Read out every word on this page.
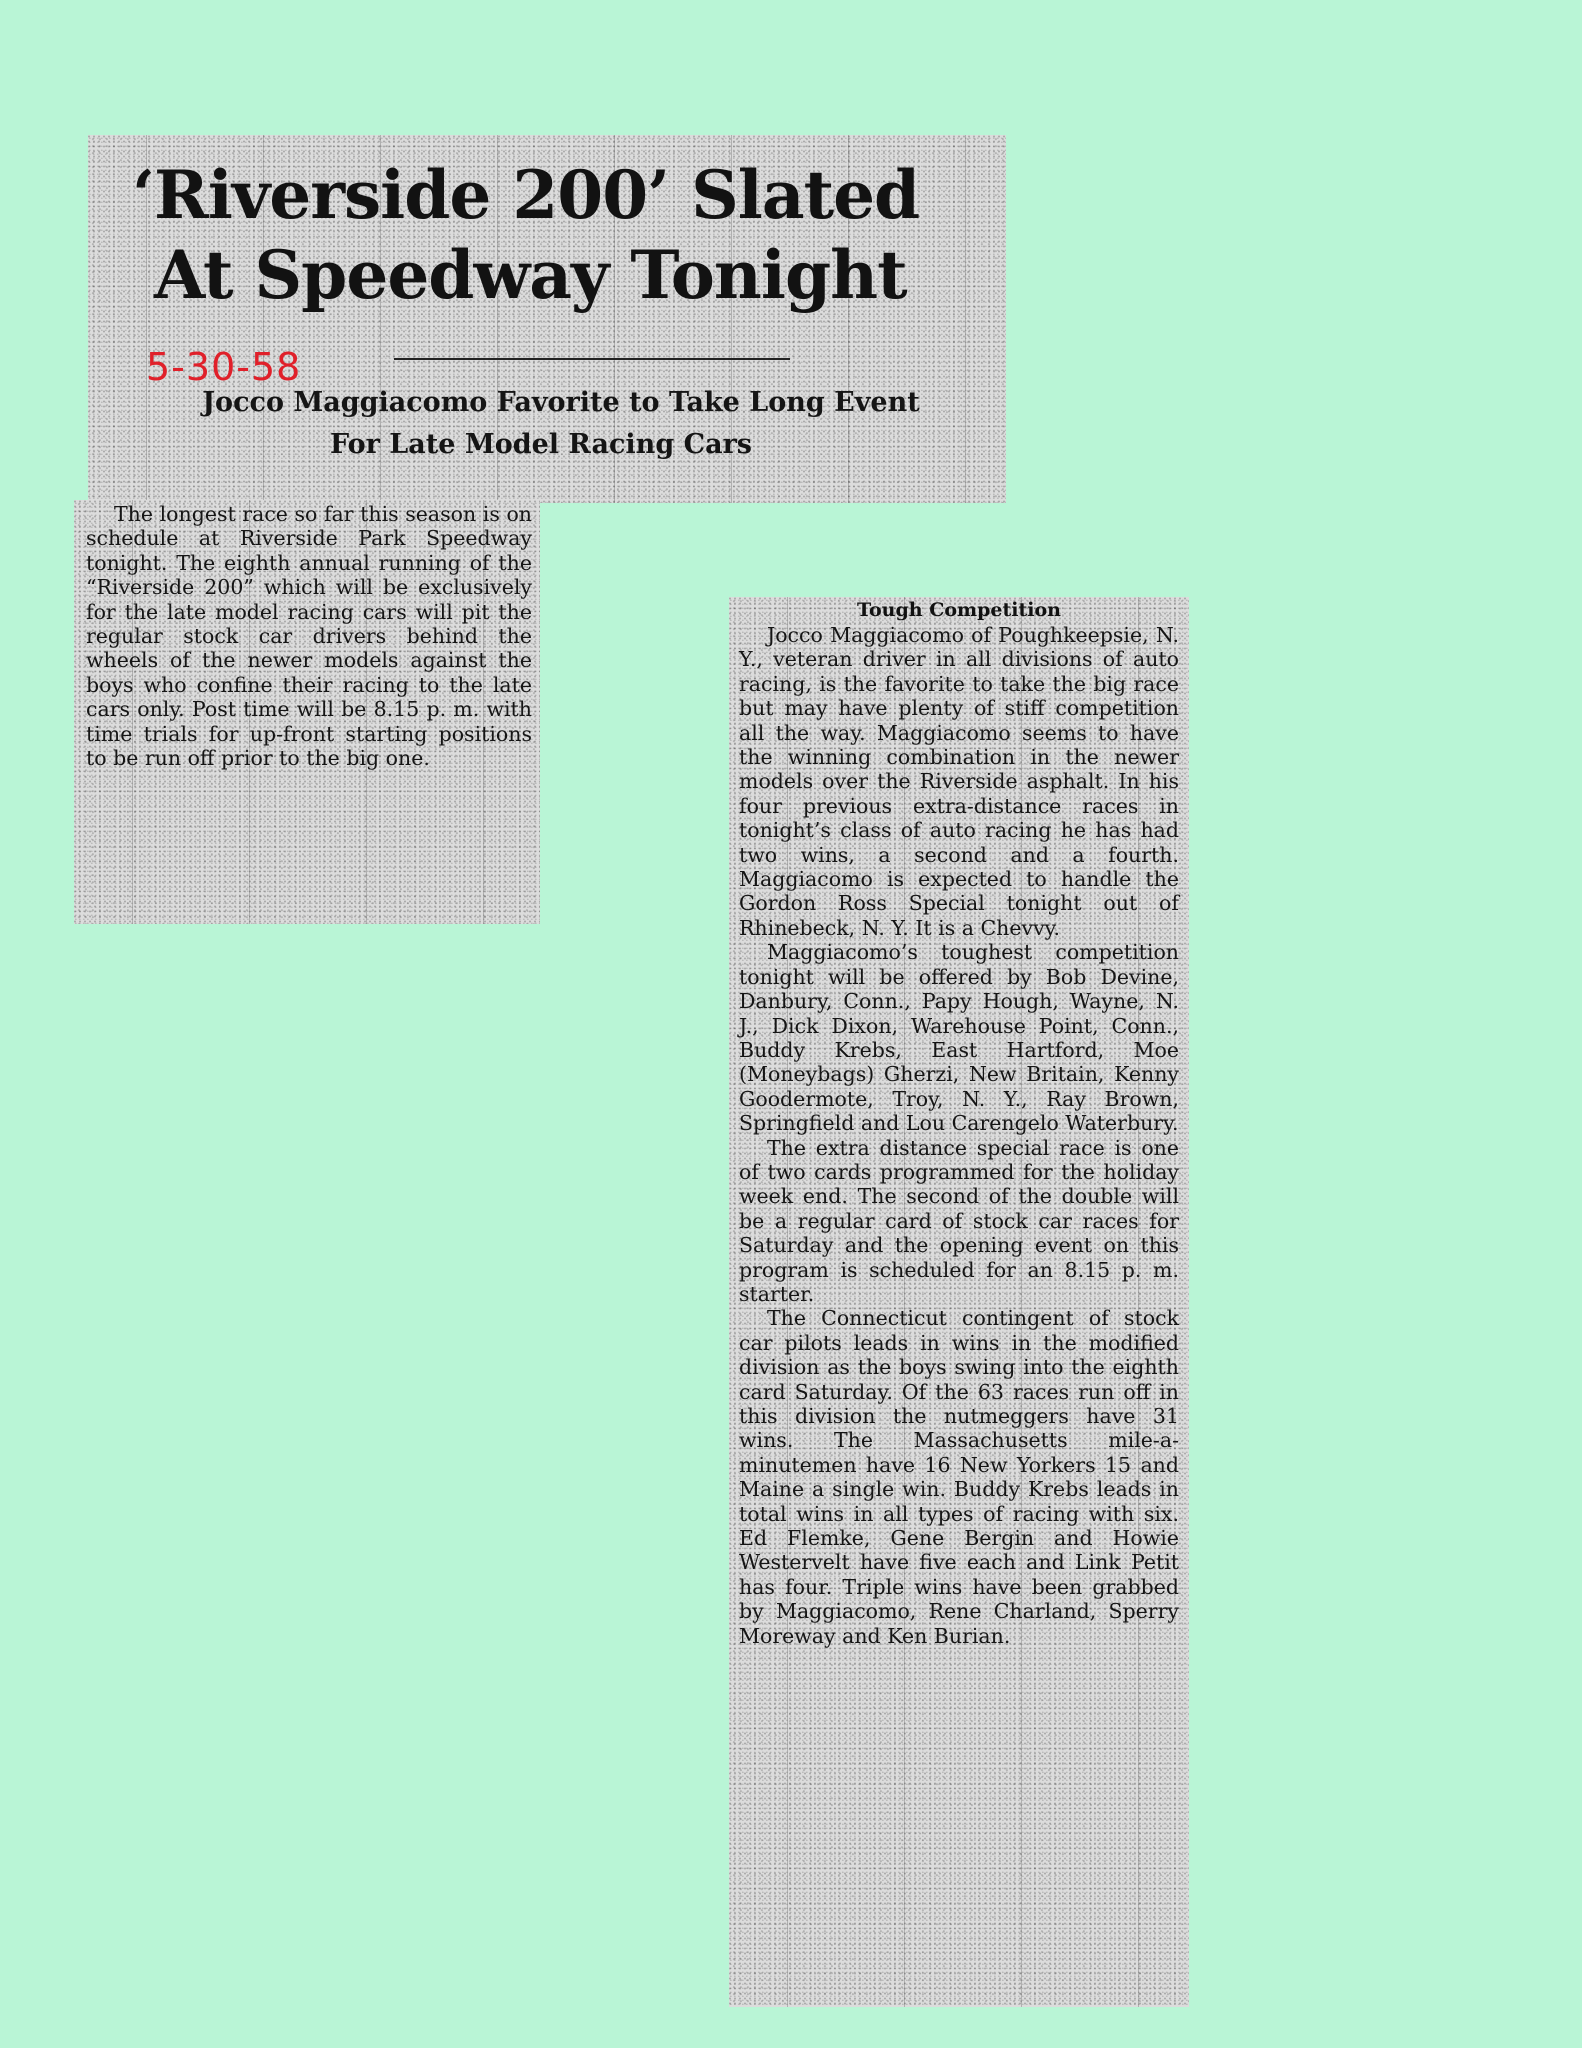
‘Riverside 200’ Slated
At Speedway Tonight
5-30-58
Jocco Maggiacomo Favorite to Take Long Event
For Late Model Racing Cars

The longest race so far this season is on schedule at Riverside Park Speedway tonight. The eighth annual running of the “Riverside 200” which will be exclusively for the late model racing cars will pit the regular stock car drivers behind the wheels of the newer models against the boys who confine their racing to the late cars only. Post time will be 8.15 p. m. with time trials for up-front starting positions to be run off prior to the big one.

Tough Competition

Jocco Maggiacomo of Poughkeepsie, N. Y., veteran driver in all divisions of auto racing, is the favorite to take the big race but may have plenty of stiff competition all the way. Maggiacomo seems to have the winning combination in the newer models over the Riverside asphalt. In his four previous extra-distance races in tonight’s class of auto racing he has had two wins, a second and a fourth. Maggiacomo is expected to handle the Gordon Ross Special tonight out of Rhinebeck, N. Y. It is a Chevvy.

Maggiacomo’s toughest competition tonight will be offered by Bob Devine, Danbury, Conn., Papy Hough, Wayne, N. J., Dick Dixon, Warehouse Point, Conn., Buddy Krebs, East Hartford, Moe (Moneybags) Gherzi, New Britain, Kenny Goodermote, Troy, N. Y., Ray Brown, Springfield and Lou Carengelo Waterbury.

The extra distance special race is one of two cards programmed for the holiday week end. The second of the double will be a regular card of stock car races for Saturday and the opening event on this program is scheduled for an 8.15 p. m. starter.

The Connecticut contingent of stock car pilots leads in wins in the modified division as the boys swing into the eighth card Saturday. Of the 63 races run off in this division the nutmeggers have 31 wins. The Massachusetts mile-a-minutemen have 16 New Yorkers 15 and Maine a single win. Buddy Krebs leads in total wins in all types of racing with six. Ed Flemke, Gene Bergin and Howie Westervelt have five each and Link Petit has four. Triple wins have been grabbed by Maggiacomo, Rene Charland, Sperry Moreway and Ken Burian.
